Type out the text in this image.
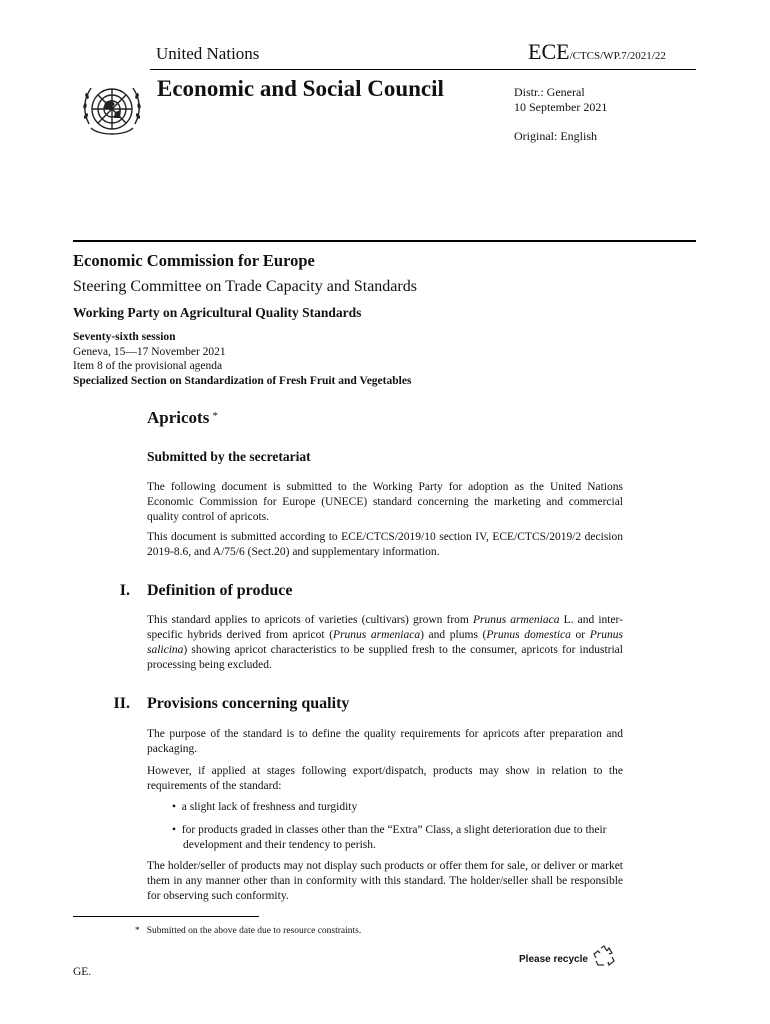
United Nations	ECE/CTCS/WP.7/2021/22
Economic and Social Council	Distr.: General
10 September 2021
Original: English
Economic Commission for Europe
Steering Committee on Trade Capacity and Standards
Working Party on Agricultural Quality Standards
Seventy-sixth session
Geneva, 15—17 November 2021
Item 8 of the provisional agenda
Specialized Section on Standardization of Fresh Fruit and Vegetables
Apricots *
Submitted by the secretariat
The following document is submitted to the Working Party for adoption as the United Nations Economic Commission for Europe (UNECE) standard concerning the marketing and commercial quality control of apricots.
This document is submitted according to ECE/CTCS/2019/10 section IV, ECE/CTCS/2019/2 decision 2019-8.6, and A/75/6 (Sect.20) and supplementary information.
I. Definition of produce
This standard applies to apricots of varieties (cultivars) grown from Prunus armeniaca L. and inter-specific hybrids derived from apricot (Prunus armeniaca) and plums (Prunus domestica or Prunus salicina) showing apricot characteristics to be supplied fresh to the consumer, apricots for industrial processing being excluded.
II. Provisions concerning quality
The purpose of the standard is to define the quality requirements for apricots after preparation and packaging.
However, if applied at stages following export/dispatch, products may show in relation to the requirements of the standard:
• a slight lack of freshness and turgidity
• for products graded in classes other than the “Extra” Class, a slight deterioration due to their development and their tendency to perish.
The holder/seller of products may not display such products or offer them for sale, or deliver or market them in any manner other than in conformity with this standard. The holder/seller shall be responsible for observing such conformity.
* Submitted on the above date due to resource constraints.
GE.
Please recycle
